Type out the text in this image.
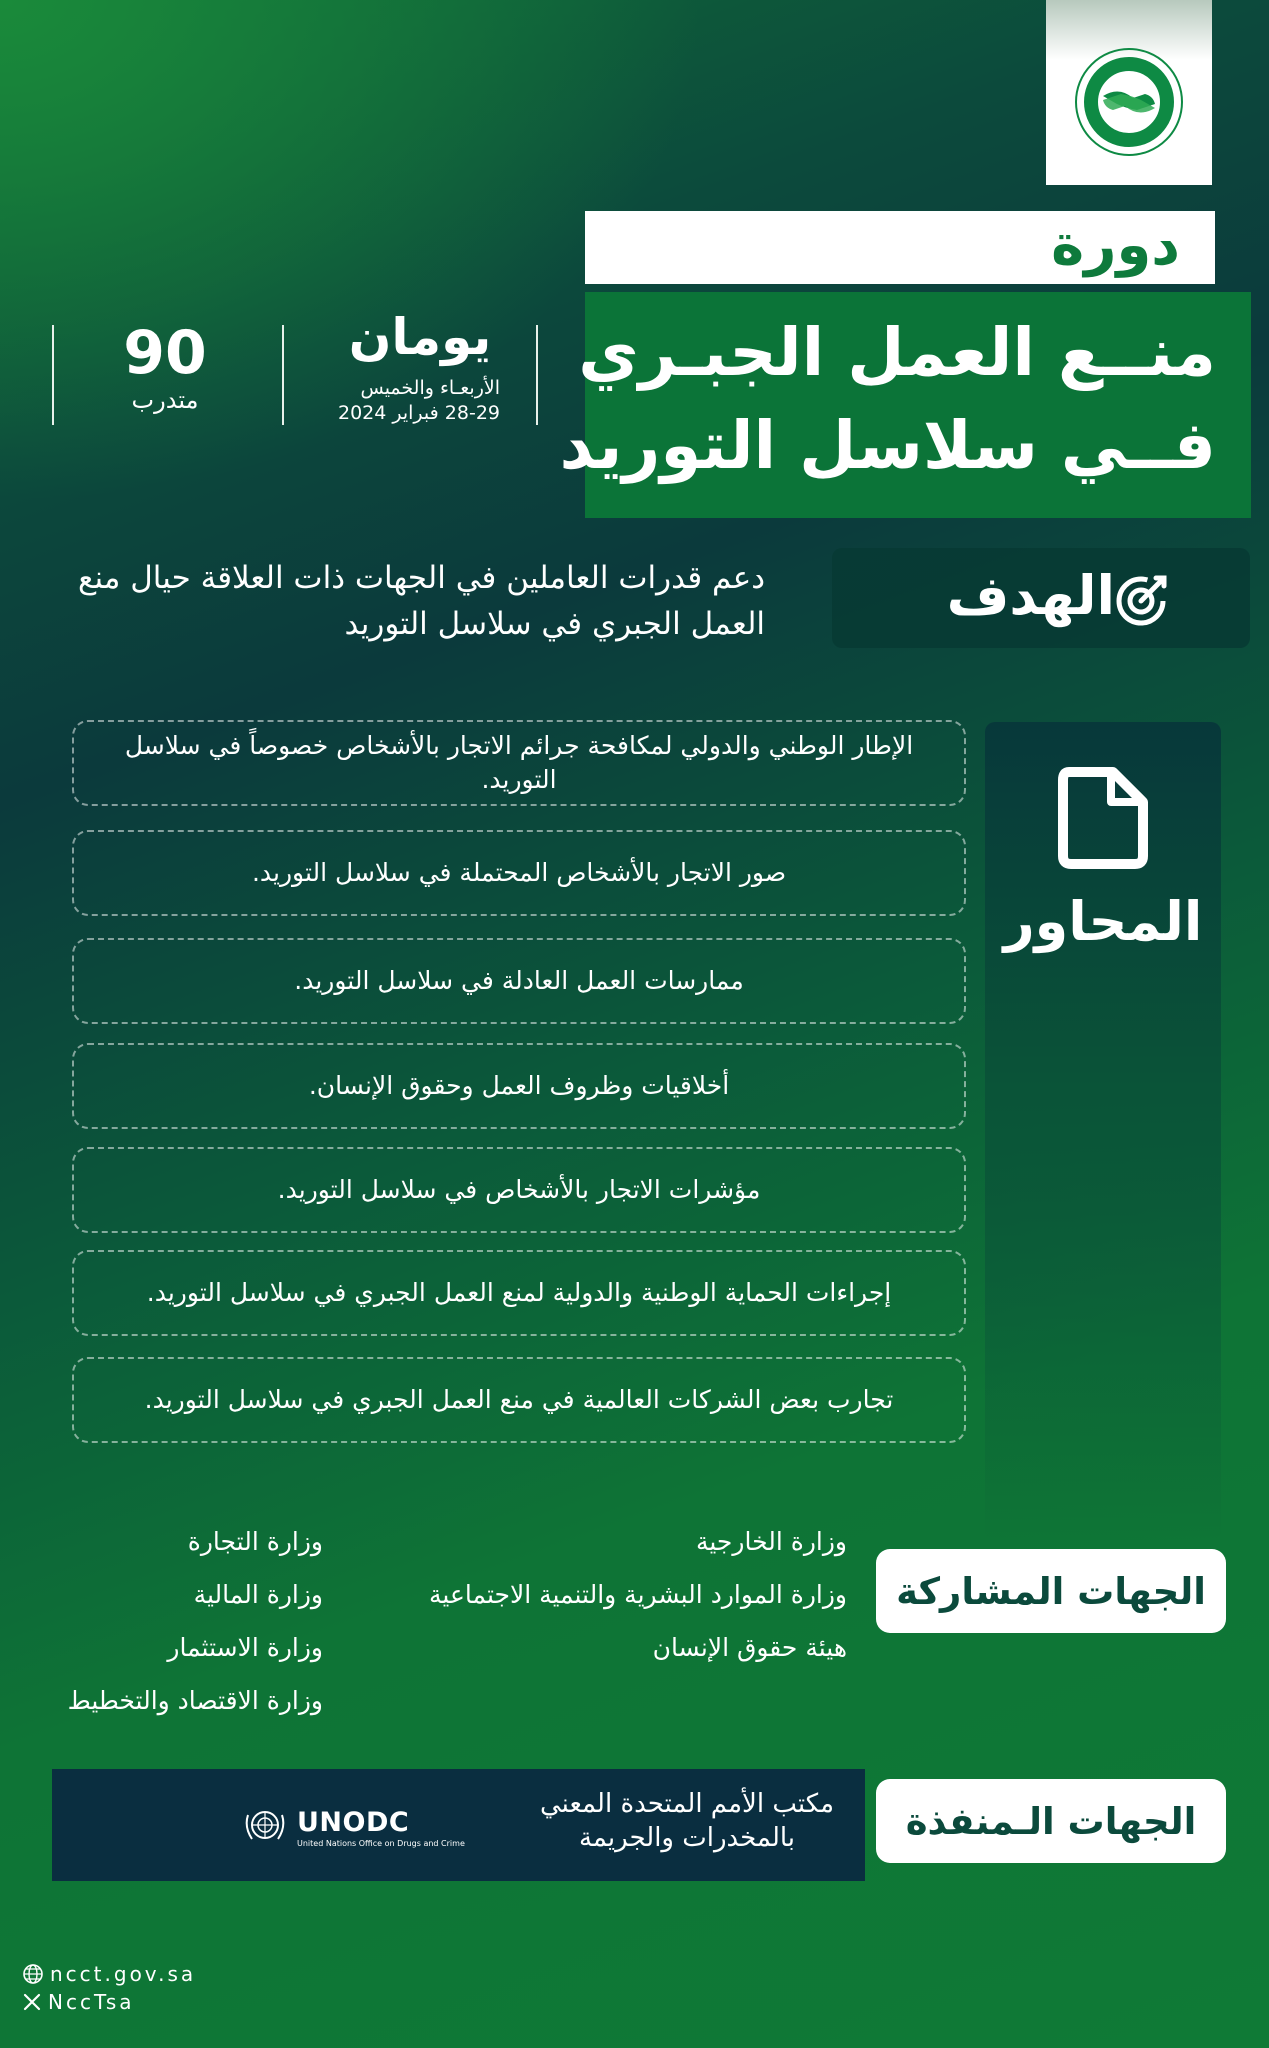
دورة
منــع العمل الجبـري
فــي سلاسل التوريد
90
متدرب
يومان
الأربعـاء والخميس
28-29 فبراير 2024
الهدف
دعم قدرات العاملين في الجهات ذات العلاقة حيال منع العمل الجبري في سلاسل التوريد
المحاور
الإطار الوطني والدولي لمكافحة جرائم الاتجار بالأشخاص خصوصاً في سلاسل التوريد.
صور الاتجار بالأشخاص المحتملة في سلاسل التوريد.
ممارسات العمل العادلة في سلاسل التوريد.
أخلاقيات وظروف العمل وحقوق الإنسان.
مؤشرات الاتجار بالأشخاص في سلاسل التوريد.
إجراءات الحماية الوطنية والدولية لمنع العمل الجبري في سلاسل التوريد.
تجارب بعض الشركات العالمية في منع العمل الجبري في سلاسل التوريد.
الجهات المشاركة
وزارة الخارجية
وزارة الموارد البشرية والتنمية الاجتماعية
هيئة حقوق الإنسان
وزارة التجارة
وزارة المالية
وزارة الاستثمار
وزارة الاقتصاد والتخطيط
الجهات الـمنفذة
مكتب الأمم المتحدة المعني بالمخدرات والجريمة
UNODC
United Nations Office on Drugs and Crime
ncct.gov.sa
NccTsa
